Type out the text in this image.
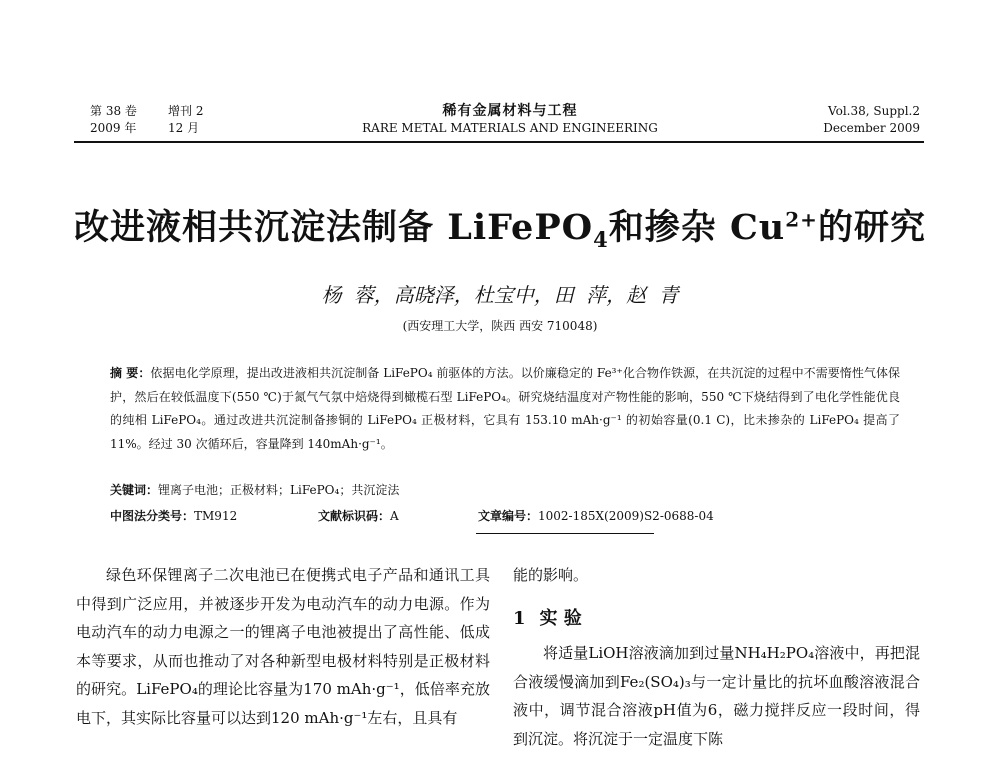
第 38 卷
2009 年
增刊 2
12 月
稀有金属材料与工程
RARE METAL MATERIALS AND ENGINEERING
Vol.38, Suppl.2
December 2009
改进液相共沉淀法制备 LiFePO$_4$和掺杂 $Cu^{2+}$的研究
杨 蓉，高晓泽，杜宝中，田 萍，赵 青
(西安理工大学，陕西 西安 710048)
摘 要：依据电化学原理，提出改进液相共沉淀制备 LiFePO₄ 前驱体的方法。以价廉稳定的 Fe³⁺化合物作铁源，在共沉淀的过程中不需要惰性气体保护，然后在较低温度下(550 ℃)于氮气气氛中焙烧得到橄榄石型 LiFePO₄。研究烧结温度对产物性能的影响，550 ℃下烧结得到了电化学性能优良的纯相 LiFePO₄。通过改进共沉淀制备掺铜的 LiFePO₄ 正极材料，它具有 153.10 mAh·g⁻¹ 的初始容量(0.1 C)，比未掺杂的 LiFePO₄ 提高了 11%。经过 30 次循环后，容量降到 140mAh·g⁻¹。
关键词：锂离子电池；正极材料；LiFePO₄；共沉淀法
中图法分类号：TM912	文献标识码：A	文章编号：1002-185X(2009)S2-0688-04

绿色环保锂离子二次电池已在便携式电子产品和通讯工具中得到广泛应用，并被逐步开发为电动汽车的动力电源。作为电动汽车的动力电源之一的锂离子电池被提出了高性能、低成本等要求，从而也推动了对各种新型电极材料特别是正极材料的研究。LiFePO₄的理论比容量为170 mAh·g⁻¹，低倍率充放电下，其实际比容量可以达到120 mAh·g⁻¹左右，且具有

能的影响。

1 实 验

将适量LiOH溶液滴加到过量NH₄H₂PO₄溶液中，再把混合液缓慢滴加到Fe₂(SO₄)₃与一定计量比的抗坏血酸溶液混合液中，调节混合溶液pH值为6，磁力搅拌反应一段时间，得到沉淀。将沉淀于一定温度下陈
